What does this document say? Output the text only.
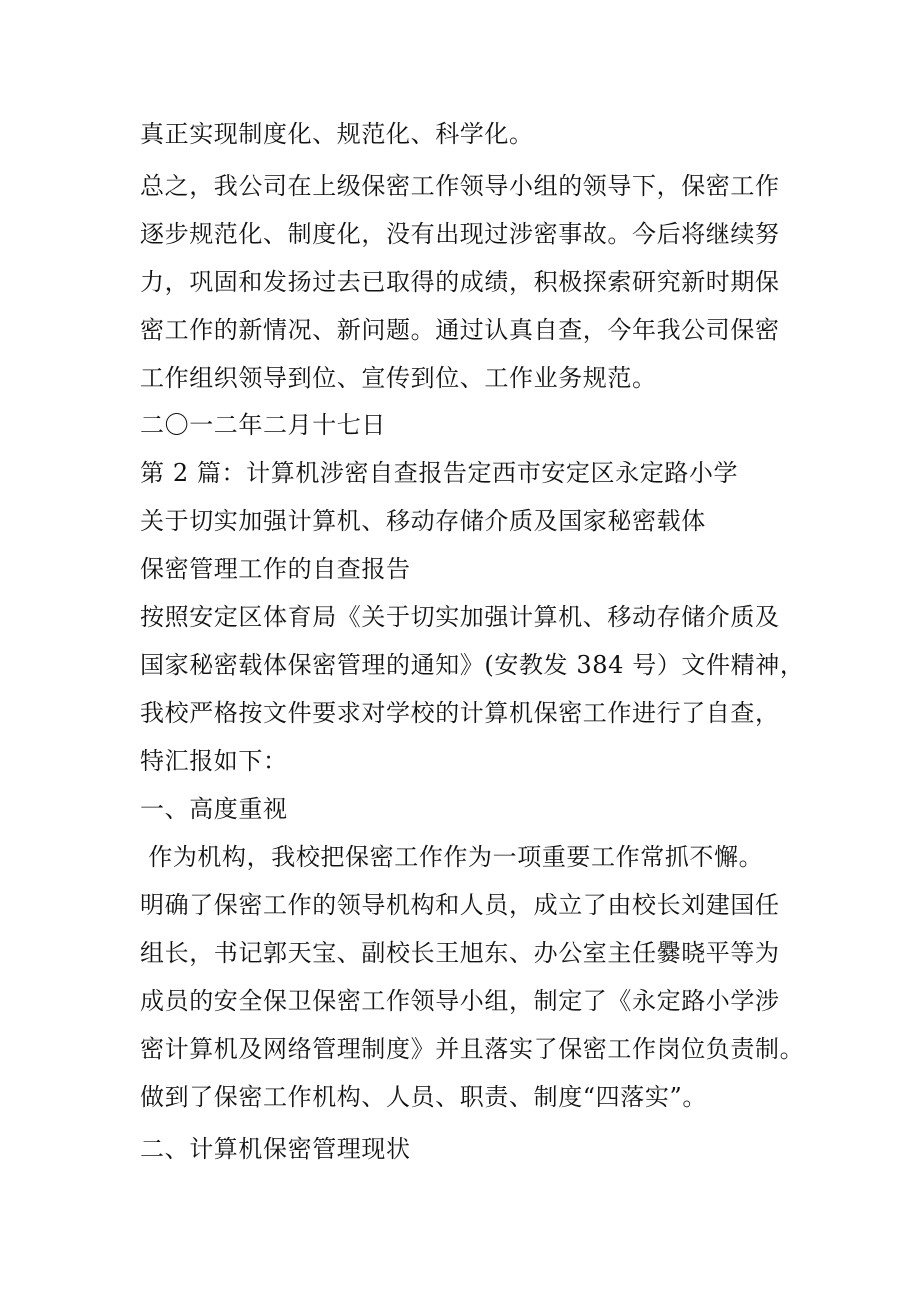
真正实现制度化、规范化、科学化。
总之，我公司在上级保密工作领导小组的领导下，保密工作
逐步规范化、制度化，没有出现过涉密事故。今后将继续努
力，巩固和发扬过去已取得的成绩，积极探索研究新时期保
密工作的新情况、新问题。通过认真自查，今年我公司保密
工作组织领导到位、宣传到位、工作业务规范。
二〇一二年二月十七日
第 2 篇：计算机涉密自查报告定西市安定区永定路小学
关于切实加强计算机、移动存储介质及国家秘密载体
保密管理工作的自查报告
按照安定区体育局《关于切实加强计算机、移动存储介质及
国家秘密载体保密管理的通知》(安教发 384 号）文件精神，
我校严格按文件要求对学校的计算机保密工作进行了自查，
特汇报如下：
一、高度重视
作为机构，我校把保密工作作为一项重要工作常抓不懈。
明确了保密工作的领导机构和人员，成立了由校长刘建国任
组长，书记郭天宝、副校长王旭东、办公室主任爨晓平等为
成员的安全保卫保密工作领导小组，制定了《永定路小学涉
密计算机及网络管理制度》并且落实了保密工作岗位负责制。
做到了保密工作机构、人员、职责、制度“四落实”。
二、计算机保密管理现状
